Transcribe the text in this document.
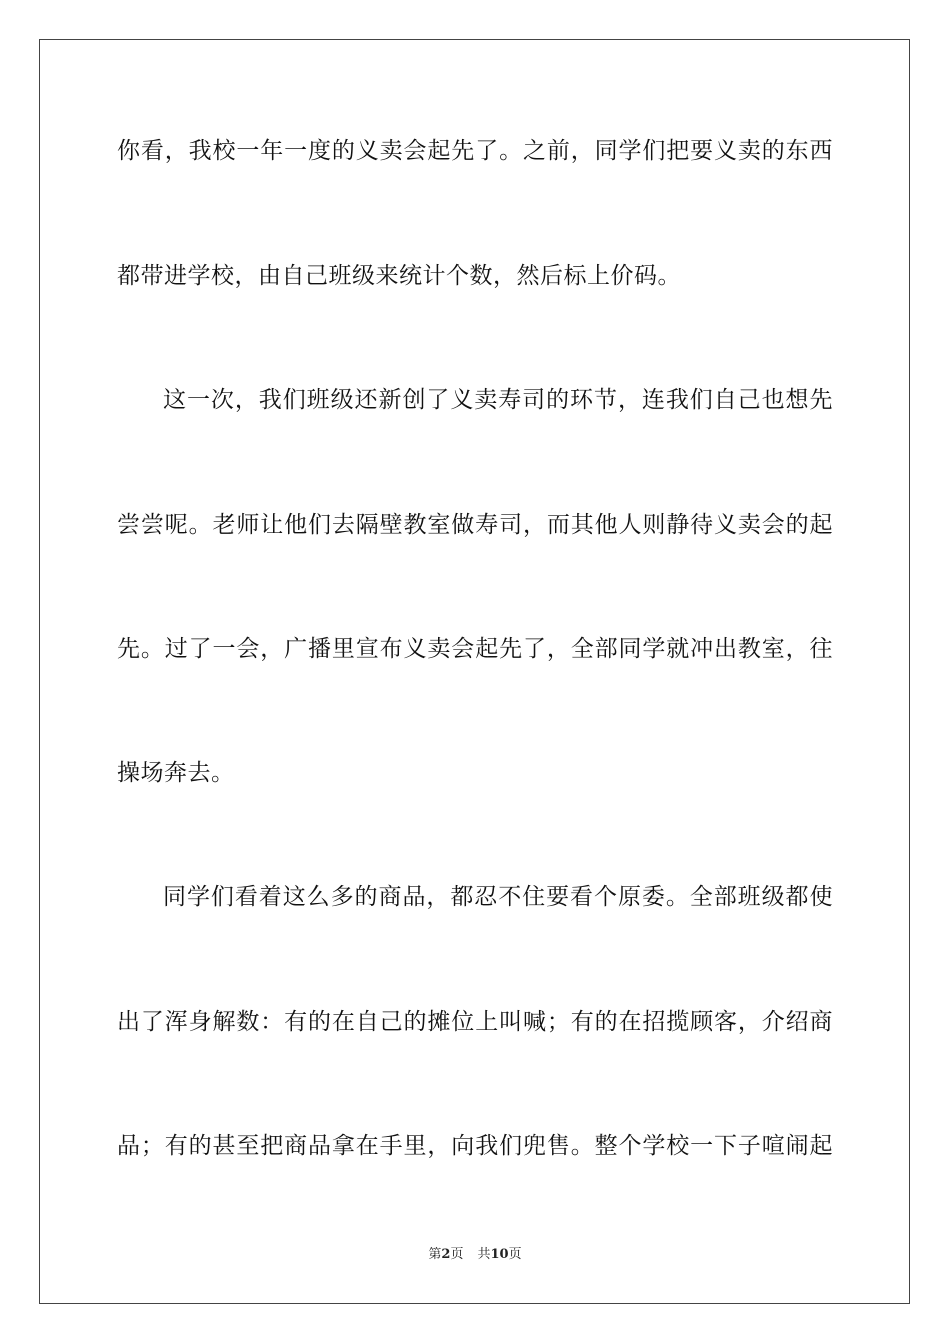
你看，我校一年一度的义卖会起先了。之前，同学们把要义卖的东西
都带进学校，由自己班级来统计个数，然后标上价码。
这一次，我们班级还新创了义卖寿司的环节，连我们自己也想先
尝尝呢。老师让他们去隔壁教室做寿司，而其他人则静待义卖会的起
先。过了一会，广播里宣布义卖会起先了，全部同学就冲出教室，往
操场奔去。
同学们看着这么多的商品，都忍不住要看个原委。全部班级都使
出了浑身解数：有的在自己的摊位上叫喊；有的在招揽顾客，介绍商
品；有的甚至把商品拿在手里，向我们兜售。整个学校一下子喧闹起
第2页 共10页
